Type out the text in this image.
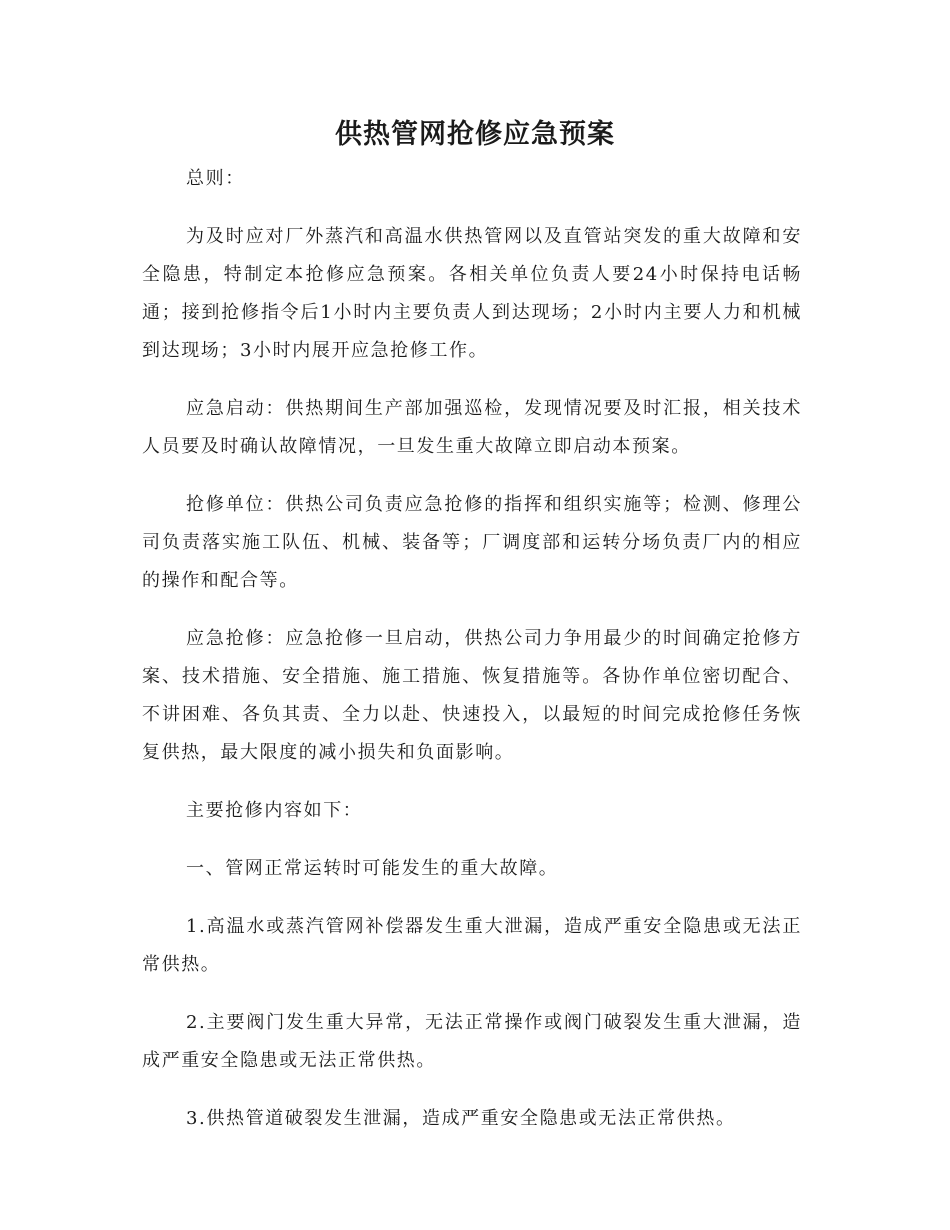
供热管网抢修应急预案

总则：

为及时应对厂外蒸汽和高温水供热管网以及直管站突发的重大故障和安全隐患，特制定本抢修应急预案。各相关单位负责人要24小时保持电话畅通；接到抢修指令后1小时内主要负责人到达现场；2小时内主要人力和机械到达现场；3小时内展开应急抢修工作。

应急启动：供热期间生产部加强巡检，发现情况要及时汇报，相关技术人员要及时确认故障情况，一旦发生重大故障立即启动本预案。

抢修单位：供热公司负责应急抢修的指挥和组织实施等；检测、修理公司负责落实施工队伍、机械、装备等；厂调度部和运转分场负责厂内的相应的操作和配合等。

应急抢修：应急抢修一旦启动，供热公司力争用最少的时间确定抢修方案、技术措施、安全措施、施工措施、恢复措施等。各协作单位密切配合、不讲困难、各负其责、全力以赴、快速投入，以最短的时间完成抢修任务恢复供热，最大限度的减小损失和负面影响。

主要抢修内容如下：

一、管网正常运转时可能发生的重大故障。

1.高温水或蒸汽管网补偿器发生重大泄漏，造成严重安全隐患或无法正常供热。

2.主要阀门发生重大异常，无法正常操作或阀门破裂发生重大泄漏，造成严重安全隐患或无法正常供热。

3.供热管道破裂发生泄漏，造成严重安全隐患或无法正常供热。
